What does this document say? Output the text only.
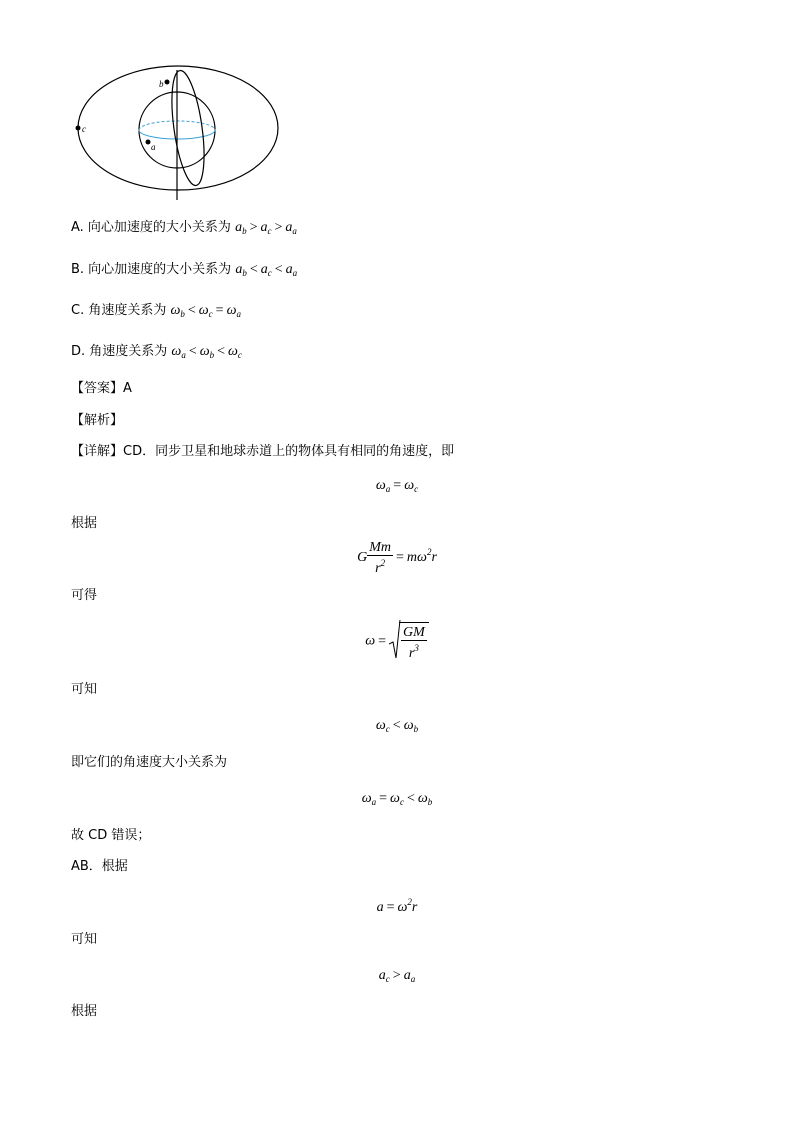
b
a
c
A. 向心加速度的大小关系为 $a_b > a_c > a_a$
B. 向心加速度的大小关系为 $a_b < a_c < a_a$
C. 角速度关系为 $\omega_b < \omega_c = \omega_a$
D. 角速度关系为 $\omega_a < \omega_b < \omega_c$
【答案】A
【解析】
【详解】CD．同步卫星和地球赤道上的物体具有相同的角速度，即
$\omega_a = \omega_c$
根据
G $\frac{Mm}{r^2} = m\omega^2r$
可得
$\omega = \frac{GM}{r^3}$
可知
$\omega_c < \omega_b$
即它们的角速度大小关系为
$\omega_a = \omega_c < \omega_b$
故 CD 错误；
AB．根据
$a = \omega^2r$
可知
$a_c > a_a$
根据
